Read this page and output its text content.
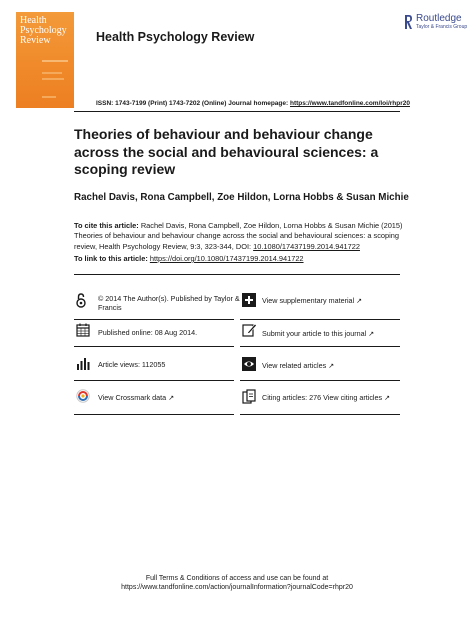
Health Psychology Review	Health Psychology Review
Routledge
Taylor & Francis Group
ISSN: 1743-7199 (Print) 1743-7202 (Online) Journal homepage: https://www.tandfonline.com/loi/rhpr20
Theories of behaviour and behaviour change across the social and behavioural sciences: a scoping review
Rachel Davis, Rona Campbell, Zoe Hildon, Lorna Hobbs & Susan Michie
To cite this article: Rachel Davis, Rona Campbell, Zoe Hildon, Lorna Hobbs & Susan Michie (2015) Theories of behaviour and behaviour change across the social and behavioural sciences: a scoping review, Health Psychology Review, 9:3, 323-344, DOI: 10.1080/17437199.2014.941722
To link to this article: https://doi.org/10.1080/17437199.2014.941722
© 2014 The Author(s). Published by Taylor & Francis
Published online: 08 Aug 2014.
Article views: 112055
View Crossmark data ↗
View supplementary material ↗
Submit your article to this journal ↗
View related articles ↗
Citing articles: 276 View citing articles ↗
Full Terms & Conditions of access and use can be found at
https://www.tandfonline.com/action/journalInformation?journalCode=rhpr20
